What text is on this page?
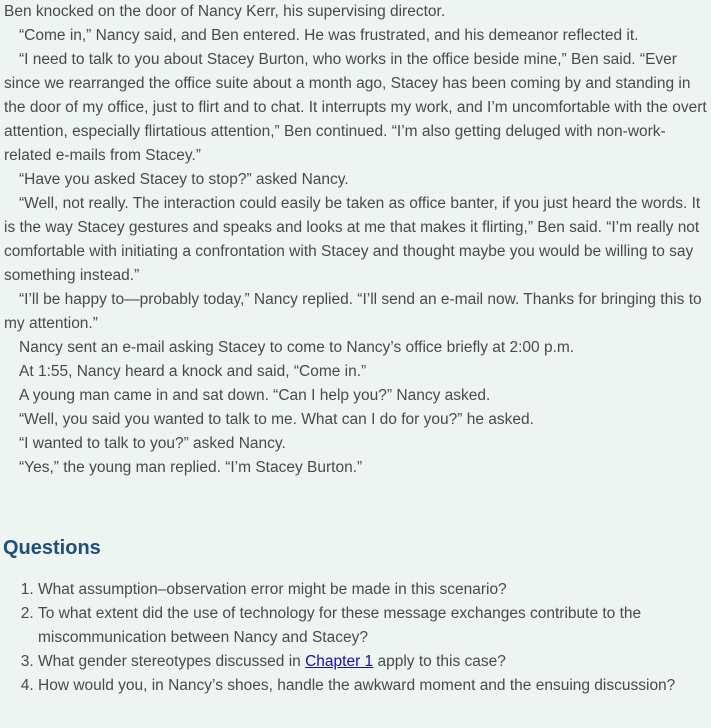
Ben knocked on the door of Nancy Kerr, his supervising director.

“Come in,” Nancy said, and Ben entered. He was frustrated, and his demeanor reflected it.

“I need to talk to you about Stacey Burton, who works in the office beside mine,” Ben said. “Ever since we rearranged the office suite about a month ago, Stacey has been coming by and standing in the door of my office, just to flirt and to chat. It interrupts my work, and I’m uncomfortable with the overt attention, especially flirtatious attention,” Ben continued. “I’m also getting deluged with non-work-related e-mails from Stacey.”

“Have you asked Stacey to stop?” asked Nancy.

“Well, not really. The interaction could easily be taken as office banter, if you just heard the words. It is the way Stacey gestures and speaks and looks at me that makes it flirting,” Ben said. “I’m really not comfortable with initiating a confrontation with Stacey and thought maybe you would be willing to say something instead.”

“I’ll be happy to—probably today,” Nancy replied. “I’ll send an e-mail now. Thanks for bringing this to my attention.”

Nancy sent an e-mail asking Stacey to come to Nancy’s office briefly at 2:00 p.m.

At 1:55, Nancy heard a knock and said, “Come in.”

A young man came in and sat down. “Can I help you?” Nancy asked.

“Well, you said you wanted to talk to me. What can I do for you?” he asked.

“I wanted to talk to you?” asked Nancy.

“Yes,” the young man replied. “I’m Stacey Burton.”

Questions
1. What assumption–observation error might be made in this scenario?
2. To what extent did the use of technology for these message exchanges contribute to the miscommunication between Nancy and Stacey?
3. What gender stereotypes discussed in Chapter 1 apply to this case?
4. How would you, in Nancy’s shoes, handle the awkward moment and the ensuing discussion?
